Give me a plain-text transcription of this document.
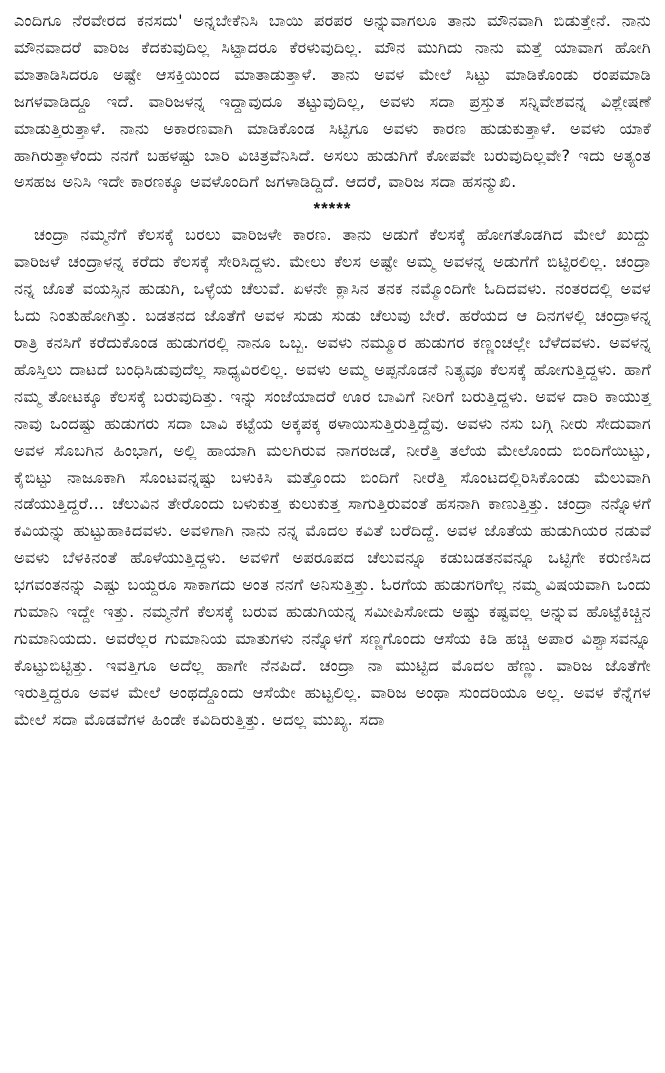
ಎಂದಿಗೂ ನೆರವೇರದ ಕನಸದು' ಅನ್ನಬೇಕೆನಿಸಿ ಬಾಯಿ ಪರಪರ ಅನ್ನುವಾಗಲೂ ತಾನು ಮೌನವಾಗಿ ಬಿಡುತ್ತೇನೆ. ನಾನು ಮೌನವಾದರೆ ವಾರಿಜ ಕೆದಕುವುದಿಲ್ಲ ಸಿಟ್ಟಾದರೂ ಕೆರಳುವುದಿಲ್ಲ. ಮೌನ ಮುಗಿದು ನಾನು ಮತ್ತೆ ಯಾವಾಗ ಹೋಗಿ ಮಾತಾಡಿಸಿದರೂ ಅಷ್ಟೇ ಆಸಕ್ತಿಯಿಂದ ಮಾತಾಡುತ್ತಾಳೆ. ತಾನು ಅವಳ ಮೇಲೆ ಸಿಟ್ಟು ಮಾಡಿಕೊಂಡು ರಂಪಮಾಡಿ ಜಗಳವಾಡಿದ್ದೂ ಇದೆ. ವಾರಿಜಳನ್ನ ಇದ್ದಾವುದೂ ತಟ್ಟುವುದಿಲ್ಲ, ಅವಳು ಸದಾ ಪ್ರಸ್ತುತ ಸನ್ನಿವೇಶವನ್ನ ವಿಶ್ಲೇಷಣೆ ಮಾಡುತ್ತಿರುತ್ತಾಳೆ. ನಾನು ಅಕಾರಣವಾಗಿ ಮಾಡಿಕೊಂಡ ಸಿಟ್ಟಿಗೂ ಅವಳು ಕಾರಣ ಹುಡುಕುತ್ತಾಳೆ. ಅವಳು ಯಾಕೆ ಹಾಗಿರುತ್ತಾಳೆಂದು ನನಗೆ ಬಹಳಷ್ಟು ಬಾರಿ ವಿಚಿತ್ರವೆನಿಸಿದೆ. ಅಸಲು ಹುಡುಗಿಗೆ ಕೋಪವೇ ಬರುವುದಿಲ್ಲವೇ? ಇದು ಅತ್ಯಂತ ಅಸಹಜ ಅನಿಸಿ ಇದೇ ಕಾರಣಕ್ಕೂ ಅವಳೊಂದಿಗೆ ಜಗಳಾಡಿದ್ದಿದೆ. ಆದರೆ, ವಾರಿಜ ಸದಾ ಹಸನ್ಮುಖಿ.

*****

ಚಂದ್ರಾ ನಮ್ಮನೆಗೆ ಕೆಲಸಕ್ಕೆ ಬರಲು ವಾರಿಜಳೇ ಕಾರಣ. ತಾನು ಅಡುಗೆ ಕೆಲಸಕ್ಕೆ ಹೋಗತೊಡಗಿದ ಮೇಲೆ ಖುದ್ದು ವಾರಿಜಳೆ ಚಂದ್ರಾಳನ್ನ ಕರೆದು ಕೆಲಸಕ್ಕೆ ಸೇರಿಸಿದ್ದಳು. ಮೇಲು ಕೆಲಸ ಅಷ್ಟೇ ಅಮ್ಮ ಅವಳನ್ನ ಅಡುಗೆಗೆ ಬಿಟ್ಟಿರಲಿಲ್ಲ. ಚಂದ್ರಾ ನನ್ನ ಜೊತೆ ವಯಸ್ಸಿನ ಹುಡುಗಿ, ಒಳ್ಳೆಯ ಚೆಲುವೆ. ಏಳನೇ ಕ್ಲಾಸಿನ ತನಕ ನಮ್ಮೊಂದಿಗೇ ಓದಿದವಳು. ನಂತರದಲ್ಲಿ ಅವಳ ಓದು ನಿಂತುಹೋಗಿತ್ತು. ಬಡತನದ ಜೊತೆಗೆ ಅವಳ ಸುಡು ಸುಡು ಚೆಲುವು ಬೇರೆ. ಹರೆಯದ ಆ ದಿನಗಳಲ್ಲಿ ಚಂದ್ರಾಳನ್ನ ರಾತ್ರಿ ಕನಸಿಗೆ ಕರೆದುಕೊಂಡ ಹುಡುಗರಲ್ಲಿ ನಾನೂ ಒಬ್ಬ. ಅವಳು ನಮ್ಮೂರ ಹುಡುಗರ ಕಣ್ಣಂಚಲ್ಲೇ ಬೆಳೆದವಳು. ಅವಳನ್ನ ಹೊಸ್ತಿಲು ದಾಟದೆ ಬಂಧಿಸಿಡುವುದೆಲ್ಲ ಸಾಧ್ಯವಿರಲಿಲ್ಲ. ಅವಳು ಅಮ್ಮ ಅಪ್ಪನೊಡನೆ ನಿತ್ಯವೂ ಕೆಲಸಕ್ಕೆ ಹೋಗುತ್ತಿದ್ದಳು. ಹಾಗೆ ನಮ್ಮ ತೋಟಕ್ಕೂ ಕೆಲಸಕ್ಕೆ ಬರುವುದಿತ್ತು. ಇನ್ನು ಸಂಜೆಯಾದರೆ ಊರ ಬಾವಿಗೆ ನೀರಿಗೆ ಬರುತ್ತಿದ್ದಳು. ಅವಳ ದಾರಿ ಕಾಯುತ್ತ ನಾವು ಒಂದಷ್ಟು ಹುಡುಗರು ಸದಾ ಬಾವಿ ಕಟ್ಟೆಯ ಅಕ್ಕಪಕ್ಕ ಠಳಾಯಿಸುತ್ತಿರುತ್ತಿದ್ದೆವು. ಅವಳು ನಸು ಬಗ್ಗಿ ನೀರು ಸೇದುವಾಗ ಅವಳ ಸೊಬಗಿನ ಹಿಂಭಾಗ, ಅಲ್ಲಿ ಹಾಯಾಗಿ ಮಲಗಿರುವ ನಾಗರಜಡೆ, ನೀರೆತ್ತಿ ತಲೆಯ ಮೇಲೊಂದು ಬಿಂದಿಗೆಯಿಟ್ಟು, ಕೈಬಿಟ್ಟು ನಾಜೂಕಾಗಿ ಸೊಂಟವನ್ನಷ್ಟು ಬಳುಕಿಸಿ ಮತ್ತೊಂದು ಬಿಂದಿಗೆ ನೀರೆತ್ತಿ ಸೊಂಟದಲ್ಲಿರಿಸಿಕೊಂಡು ಮೆಲುವಾಗಿ ನಡೆಯುತ್ತಿದ್ದರೆ... ಚೆಲುವಿನ ತೇರೊಂದು ಬಳುಕುತ್ತ ಕುಲುಕುತ್ತ ಸಾಗುತ್ತಿರುವಂತೆ ಹಸನಾಗಿ ಕಾಣುತ್ತಿತ್ತು. ಚಂದ್ರಾ ನನ್ನೊಳಗೆ ಕವಿಯನ್ನು ಹುಟ್ಟುಹಾಕಿದವಳು. ಅವಳಿಗಾಗಿ ನಾನು ನನ್ನ ಮೊದಲ ಕವಿತೆ ಬರೆದಿದ್ದೆ. ಅವಳ ಜೊತೆಯ ಹುಡುಗಿಯರ ನಡುವೆ ಅವಳು ಬೆಳಕಿನಂತೆ ಹೊಳೆಯುತ್ತಿದ್ದಳು. ಅವಳಿಗೆ ಅಪರೂಪದ ಚೆಲುವನ್ನೂ ಕಡುಬಡತನವನ್ನೂ ಒಟ್ಟಿಗೇ ಕರುಣಿಸಿದ ಭಗವಂತನನ್ನು ಎಷ್ಟು ಬಯ್ದರೂ ಸಾಕಾಗದು ಅಂತ ನನಗೆ ಅನಿಸುತ್ತಿತ್ತು. ಓರಗೆಯ ಹುಡುಗರಿಗೆಲ್ಲ ನಮ್ಮ ವಿಷಯವಾಗಿ ಒಂದು ಗುಮಾನಿ ಇದ್ದೇ ಇತ್ತು. ನಮ್ಮನೆಗೆ ಕೆಲಸಕ್ಕೆ ಬರುವ ಹುಡುಗಿಯನ್ನ ಸಮೀಪಿಸೋದು ಅಷ್ಟು ಕಷ್ಟವಲ್ಲ ಅನ್ನುವ ಹೊಟ್ಟೆಕಿಚ್ಚಿನ ಗುಮಾನಿಯದು. ಅವರೆಲ್ಲರ ಗುಮಾನಿಯ ಮಾತುಗಳು ನನ್ನೊಳಗೆ ಸಣ್ಣಗೊಂದು ಆಸೆಯ ಕಿಡಿ ಹಚ್ಚಿ ಅಪಾರ ವಿಶ್ವಾಸವನ್ನೂ ಕೊಟ್ಟುಬಿಟ್ಟಿತ್ತು. ಇವತ್ತಿಗೂ ಅದೆಲ್ಲ ಹಾಗೇ ನೆನಪಿದೆ. ಚಂದ್ರಾ ನಾ ಮುಟ್ಟಿದ ಮೊದಲ ಹೆಣ್ಣು. ವಾರಿಜ ಜೊತೆಗೇ ಇರುತ್ತಿದ್ದರೂ ಅವಳ ಮೇಲೆ ಅಂಥದ್ದೊಂದು ಆಸೆಯೇ ಹುಟ್ಟಲಿಲ್ಲ. ವಾರಿಜ ಅಂಥಾ ಸುಂದರಿಯೂ ಅಲ್ಲ. ಅವಳ ಕೆನ್ನೆಗಳ ಮೇಲೆ ಸದಾ ಮೊಡವೆಗಳ ಹಿಂಡೇ ಕವಿದಿರುತ್ತಿತ್ತು. ಅದಲ್ಲ ಮುಖ್ಯ. ಸದಾ
